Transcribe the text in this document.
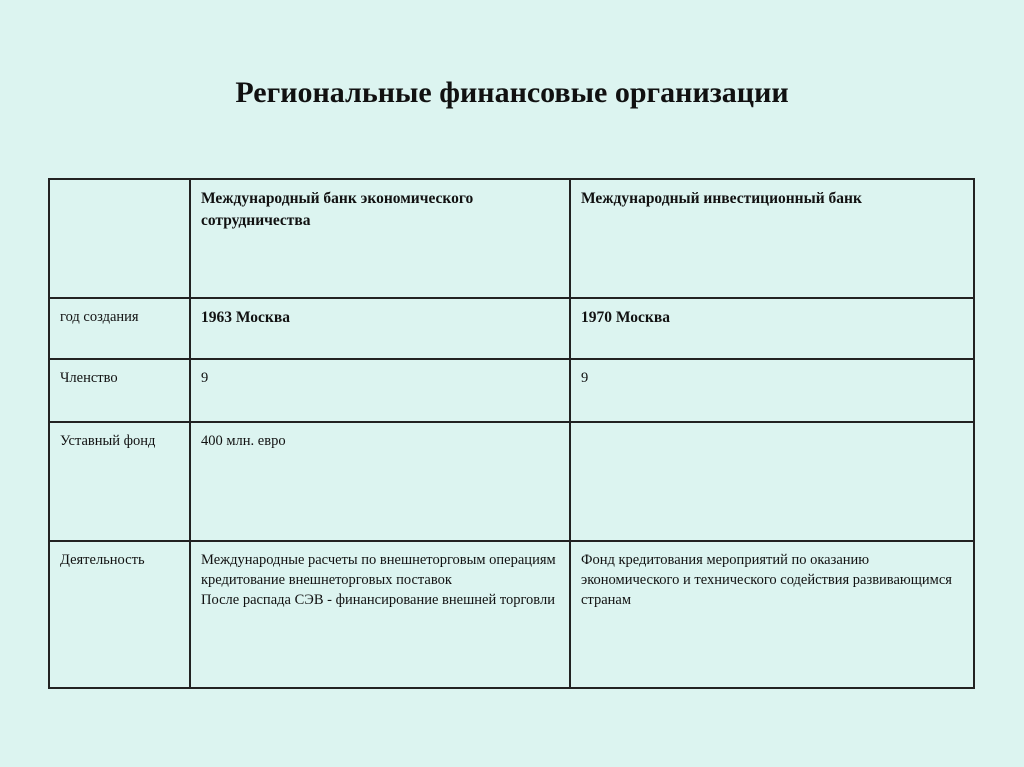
Региональные финансовые организации
	Международный банк экономического сотрудничества	Международный инвестиционный банк
год создания	1963 Москва	1970 Москва
Членство	9	9
Уставный фонд	400 млн. евро	
Деятельность	Международные расчеты по внешнеторговым операциям
кредитование внешнеторговых поставок
После распада СЭВ - финансирование внешней торговли	Фонд кредитования мероприятий по оказанию экономического и технического содействия развивающимся странам
